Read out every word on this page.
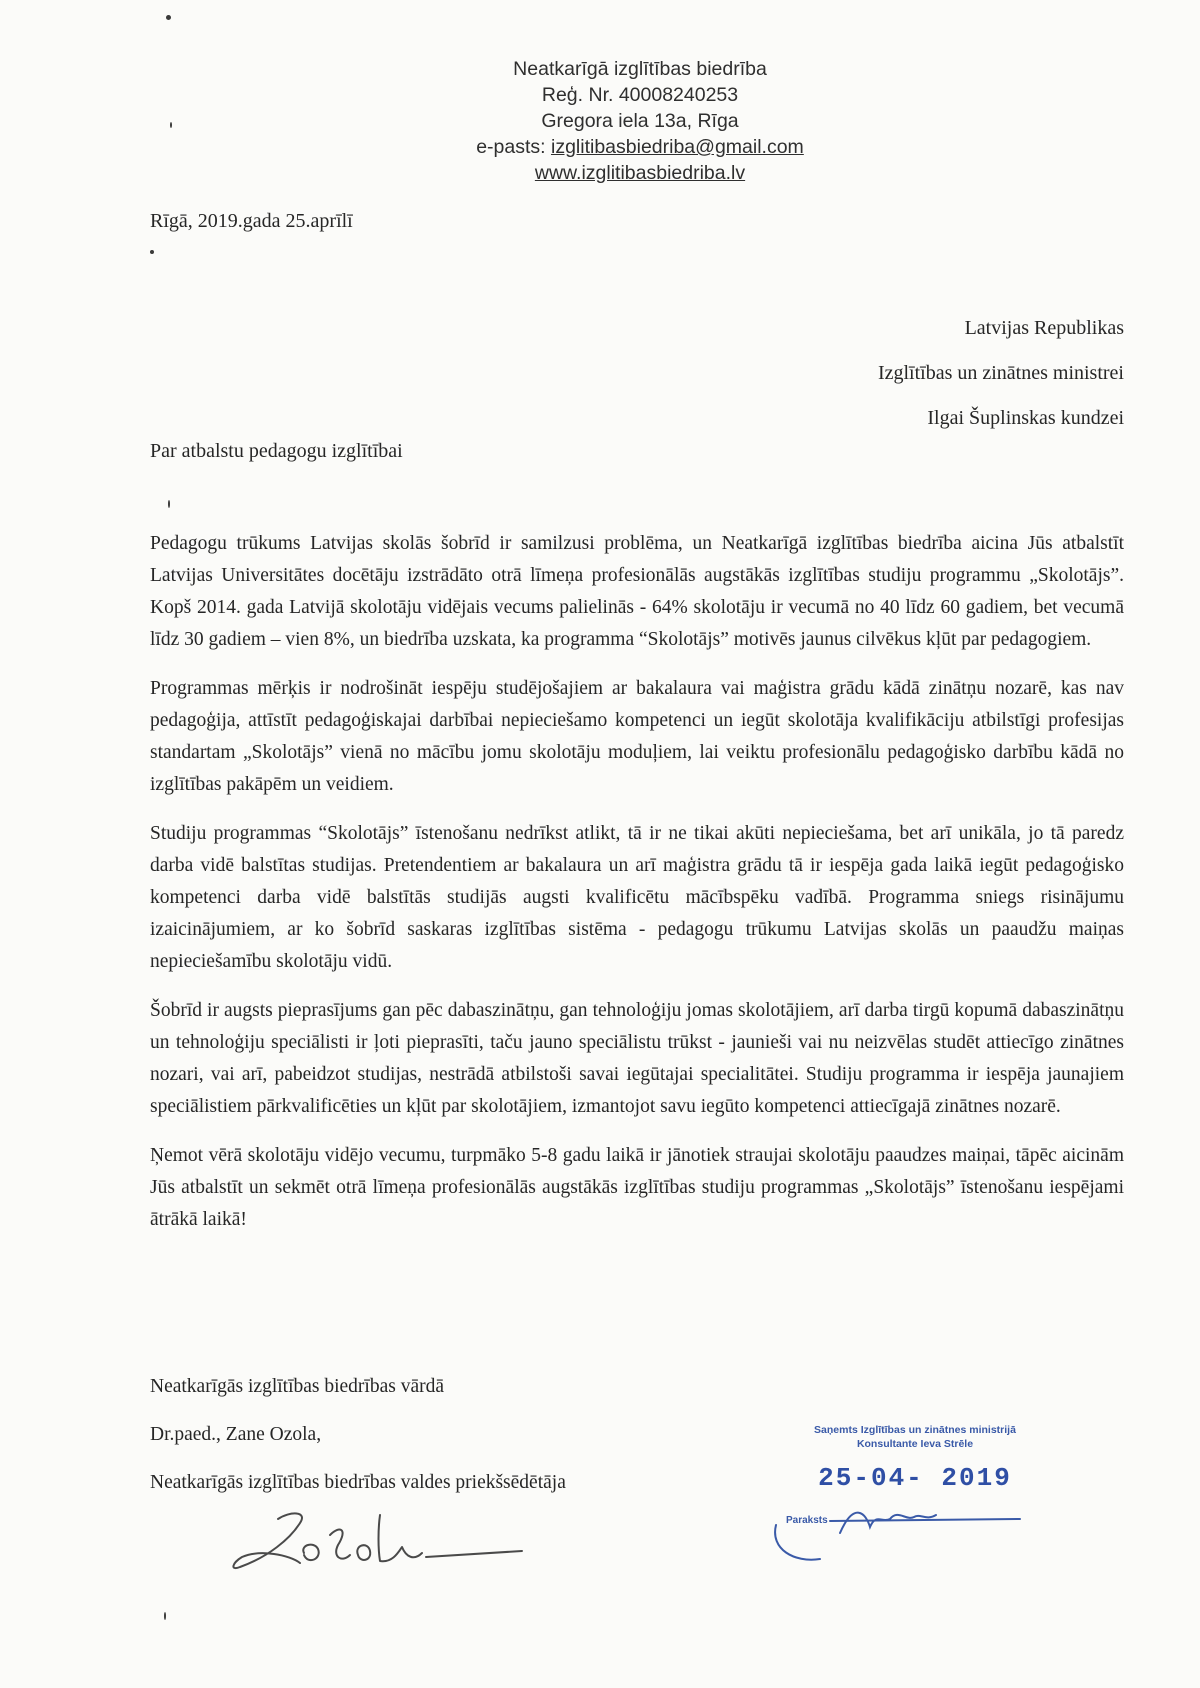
Neatkarīgā izglītības biedrība
Reģ. Nr. 40008240253
Gregora iela 13a, Rīga
e-pasts: izglitibasbiedriba@gmail.com
www.izglitibasbiedriba.lv
Rīgā, 2019.gada 25.aprīlī
Latvijas Republikas
Izglītības un zinātnes ministrei
Ilgai Šuplinskas kundzei
Par atbalstu pedagogu izglītībai

Pedagogu trūkums Latvijas skolās šobrīd ir samilzusi problēma, un Neatkarīgā izglītības biedrība aicina Jūs atbalstīt Latvijas Universitātes docētāju izstrādāto otrā līmeņa profesionālās augstākās izglītības studiju programmu „Skolotājs”. Kopš 2014. gada Latvijā skolotāju vidējais vecums palielinās - 64% skolotāju ir vecumā no 40 līdz 60 gadiem, bet vecumā līdz 30 gadiem – vien 8%, un biedrība uzskata, ka programma “Skolotājs” motivēs jaunus cilvēkus kļūt par pedagogiem.

Programmas mērķis ir nodrošināt iespēju studējošajiem ar bakalaura vai maģistra grādu kādā zinātņu nozarē, kas nav pedagoģija, attīstīt pedagoģiskajai darbībai nepieciešamo kompetenci un iegūt skolotāja kvalifikāciju atbilstīgi profesijas standartam „Skolotājs” vienā no mācību jomu skolotāju moduļiem, lai veiktu profesionālu pedagoģisko darbību kādā no izglītības pakāpēm un veidiem.

Studiju programmas “Skolotājs” īstenošanu nedrīkst atlikt, tā ir ne tikai akūti nepieciešama, bet arī unikāla, jo tā paredz darba vidē balstītas studijas. Pretendentiem ar bakalaura un arī maģistra grādu tā ir iespēja gada laikā iegūt pedagoģisko kompetenci darba vidē balstītās studijās augsti kvalificētu mācībspēku vadībā. Programma sniegs risinājumu izaicinājumiem, ar ko šobrīd saskaras izglītības sistēma - pedagogu trūkumu Latvijas skolās un paaudžu maiņas nepieciešamību skolotāju vidū.

Šobrīd ir augsts pieprasījums gan pēc dabaszinātņu, gan tehnoloģiju jomas skolotājiem, arī darba tirgū kopumā dabaszinātņu un tehnoloģiju speciālisti ir ļoti pieprasīti, taču jauno speciālistu trūkst - jaunieši vai nu neizvēlas studēt attiecīgo zinātnes nozari, vai arī, pabeidzot studijas, nestrādā atbilstoši savai iegūtajai specialitātei. Studiju programma ir iespēja jaunajiem speciālistiem pārkvalificēties un kļūt par skolotājiem, izmantojot savu iegūto kompetenci attiecīgajā zinātnes nozarē.

Ņemot vērā skolotāju vidējo vecumu, turpmāko 5-8 gadu laikā ir jānotiek straujai skolotāju paaudzes maiņai, tāpēc aicinām Jūs atbalstīt un sekmēt otrā līmeņa profesionālās augstākās izglītības studiju programmas „Skolotājs” īstenošanu iespējami ātrākā laikā!

Neatkarīgās izglītības biedrības vārdā
Dr.paed., Zane Ozola,
Neatkarīgās izglītības biedrības valdes priekšsēdētāja
Saņemts Izglītības un zinātnes ministrijā
Konsultante Ieva Strēle
25-04- 2019
Paraksts
